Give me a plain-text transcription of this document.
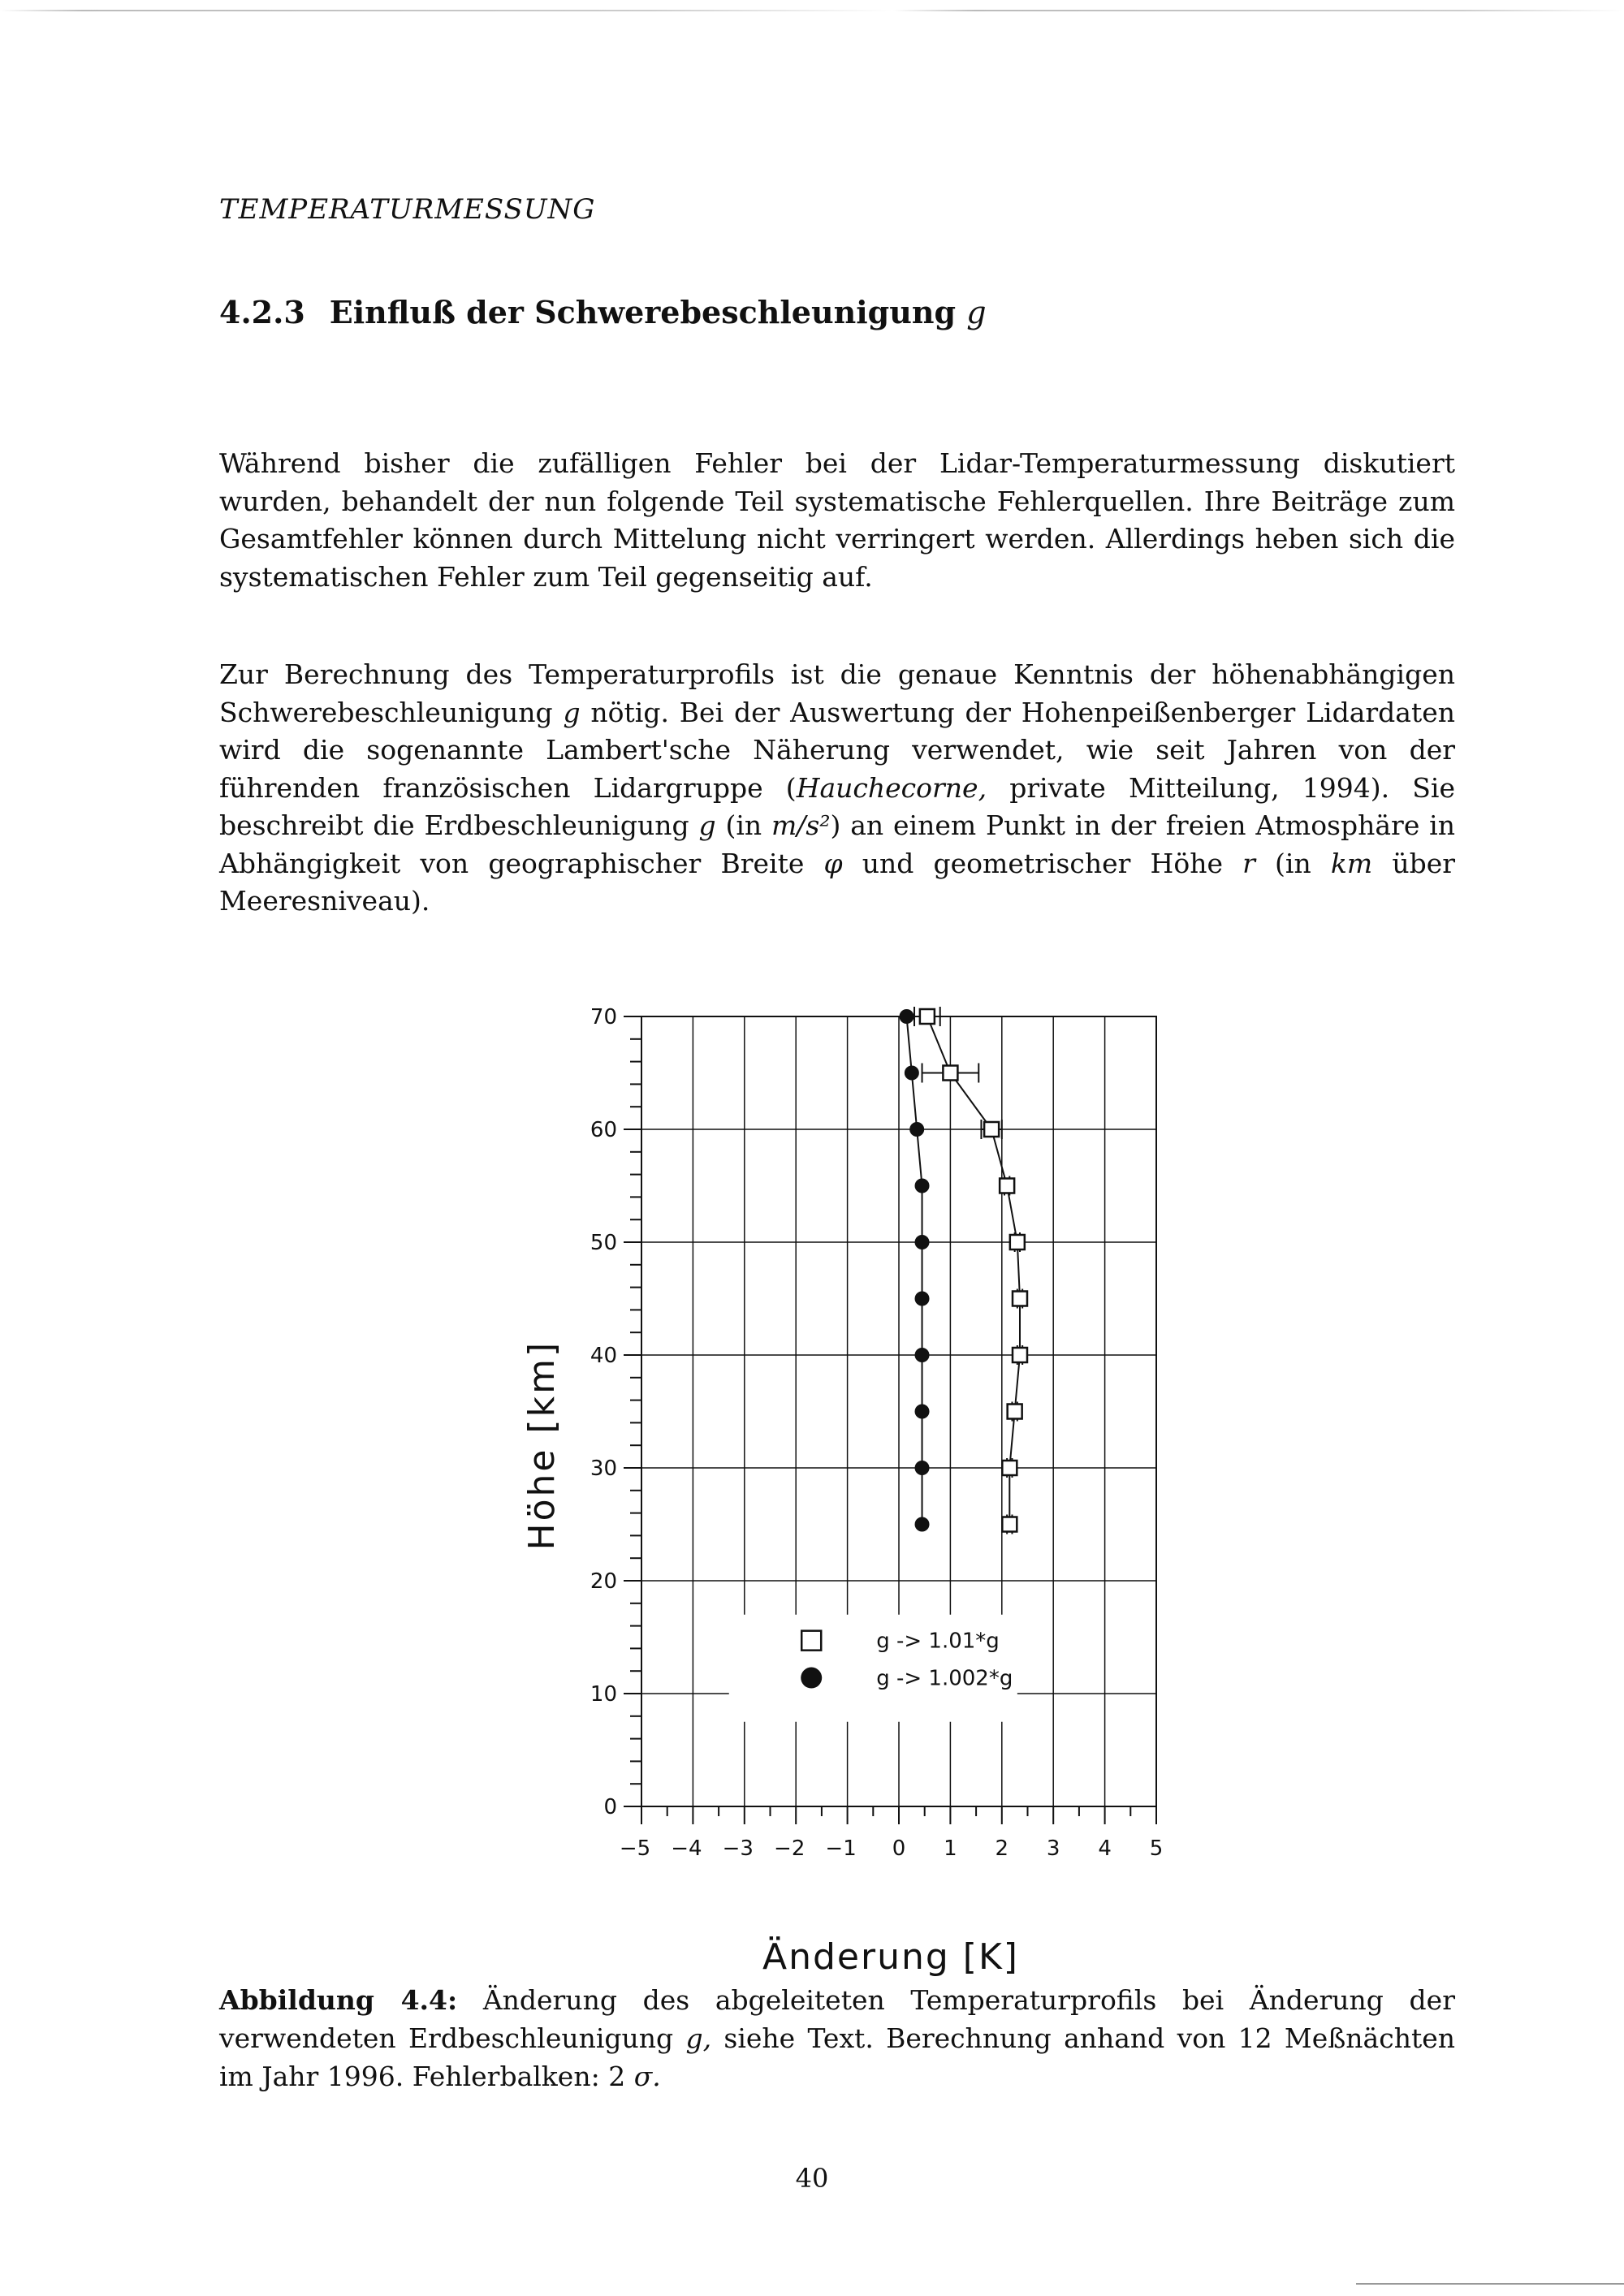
TEMPERATURMESSUNG
4.2.3 Einfluß der Schwerebeschleunigung g
Während bisher die zufälligen Fehler bei der Lidar-Temperaturmessung diskutiert wurden, behandelt der nun folgende Teil systematische Fehlerquellen. Ihre Beiträge zum Gesamtfehler können durch Mittelung nicht verringert werden. Allerdings heben sich die systematischen Fehler zum Teil gegenseitig auf.
Zur Berechnung des Temperaturprofils ist die genaue Kenntnis der höhenabhängigen Schwerebeschleunigung g nötig. Bei der Auswertung der Hohenpeißenberger Lidardaten wird die sogenannte Lambert'sche Näherung verwendet, wie seit Jahren von der führenden französischen Lidargruppe (Hauchecorne, private Mitteilung, 1994). Sie beschreibt die Erdbeschleunigung g (in m/s²) an einem Punkt in der freien Atmosphäre in Abhängigkeit von geographischer Breite φ und geometrischer Höhe r (in km über Meeresniveau).
0
10
20
30
40
50
60
70
−5 −4 −3 −2 −1 0 1 2 3 4 5
Änderung [K]
Höhe [km]
g -> 1.01*g
g -> 1.002*g
Abbildung 4.4: Änderung des abgeleiteten Temperaturprofils bei Änderung der verwendeten Erdbeschleunigung g, siehe Text. Berechnung anhand von 12 Meßnächten im Jahr 1996. Fehlerbalken: 2 σ.
40
